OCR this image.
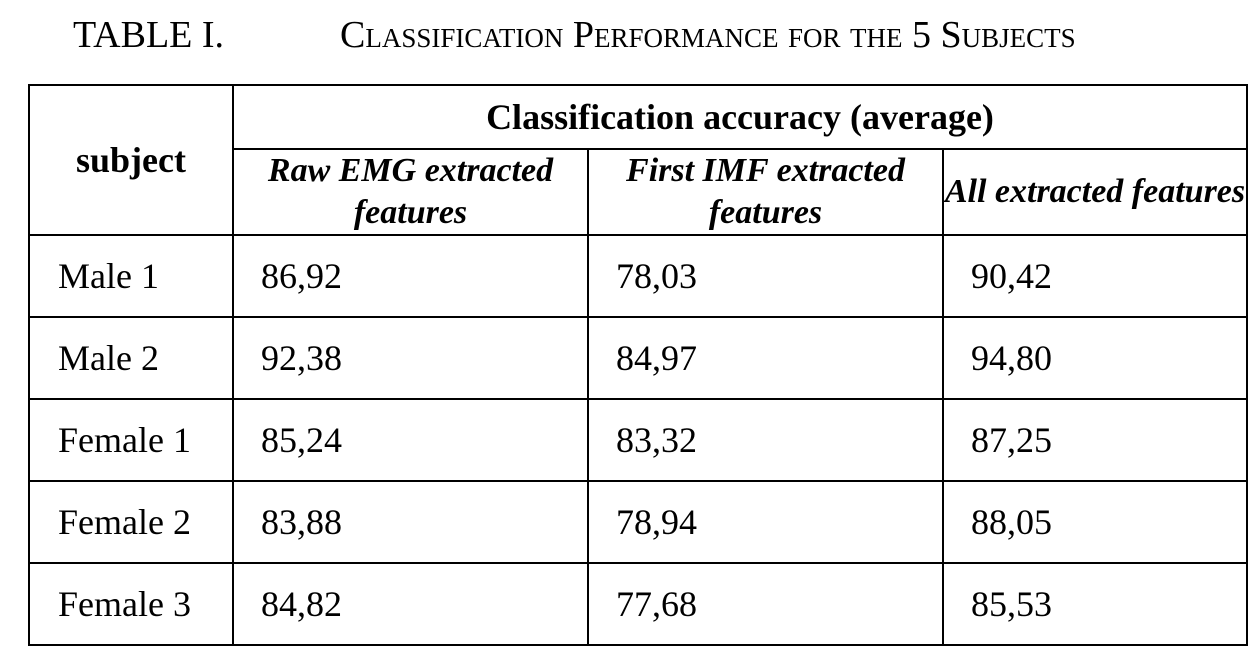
TABLE I.	Classification Performance for the 5 Subjects
subject	Classification accuracy (average)		
	Raw EMG extracted features	First IMF extracted features	All extracted features
Male 1	86,92	78,03	90,42
Male 2	92,38	84,97	94,80
Female 1	85,24	83,32	87,25
Female 2	83,88	78,94	88,05
Female 3	84,82	77,68	85,53
